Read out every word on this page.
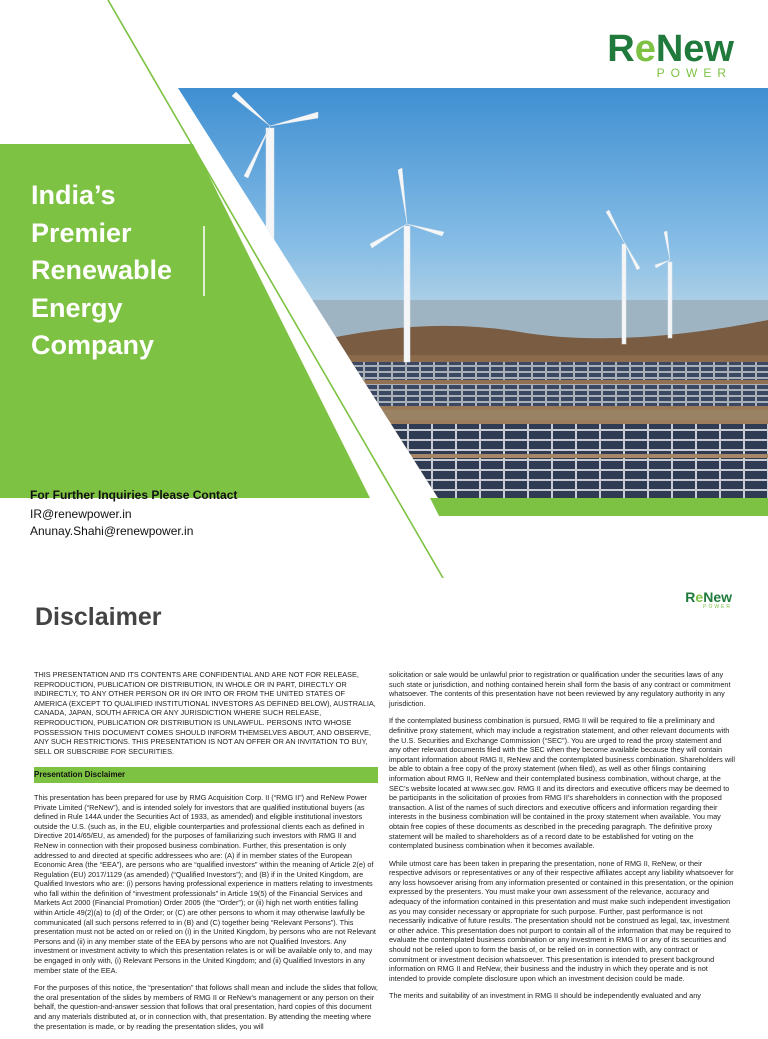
ReNew
POWER
India’s
Premier
Renewable
Energy
Company
For Further Inquiries Please Contact
IR@renewpower.in
Anunay.Shahi@renewpower.in
ReNew
POWER
Disclaimer
THIS PRESENTATION AND ITS CONTENTS ARE CONFIDENTIAL AND ARE NOT FOR RELEASE, REPRODUCTION, PUBLICATION OR DISTRIBUTION, IN WHOLE OR IN PART, DIRECTLY OR INDIRECTLY, TO ANY OTHER PERSON OR IN OR INTO OR FROM THE UNITED STATES OF AMERICA (EXCEPT TO QUALIFIED INSTITUTIONAL INVESTORS AS DEFINED BELOW), AUSTRALIA, CANADA, JAPAN, SOUTH AFRICA OR ANY JURISDICTION WHERE SUCH RELEASE, REPRODUCTION, PUBLICATION OR DISTRIBUTION IS UNLAWFUL. PERSONS INTO WHOSE POSSESSION THIS DOCUMENT COMES SHOULD INFORM THEMSELVES ABOUT, AND OBSERVE, ANY SUCH RESTRICTIONS. THIS PRESENTATION IS NOT AN OFFER OR AN INVITATION TO BUY, SELL OR SUBSCRIBE FOR SECURITIES.
Presentation Disclaimer
This presentation has been prepared for use by RMG Acquisition Corp. II (“RMG II”) and ReNew Power Private Limited (“ReNew”), and is intended solely for investors that are qualified institutional buyers (as defined in Rule 144A under the Securities Act of 1933, as amended) and eligible institutional investors outside the U.S. (such as, in the EU, eligible counterparties and professional clients each as defined in Directive 2014/65/EU, as amended) for the purposes of familiarizing such investors with RMG II and ReNew in connection with their proposed business combination. Further, this presentation is only addressed to and directed at specific addressees who are: (A) if in member states of the European Economic Area (the “EEA”), are persons who are “qualified investors” within the meaning of Article 2(e) of Regulation (EU) 2017/1129 (as amended) (“Qualified Investors”); and (B) if in the United Kingdom, are Qualified Investors who are: (i) persons having professional experience in matters relating to investments who fall within the definition of “investment professionals” in Article 19(5) of the Financial Services and Markets Act 2000 (Financial Promotion) Order 2005 (the “Order”); or (ii) high net worth entities falling within Article 49(2)(a) to (d) of the Order; or (C) are other persons to whom it may otherwise lawfully be communicated (all such persons referred to in (B) and (C) together being “Relevant Persons”). This presentation must not be acted on or relied on (i) in the United Kingdom, by persons who are not Relevant Persons and (ii) in any member state of the EEA by persons who are not Qualified Investors. Any investment or investment activity to which this presentation relates is or will be available only to, and may be engaged in only with, (i) Relevant Persons in the United Kingdom; and (ii) Qualified Investors in any member state of the EEA.
For the purposes of this notice, the “presentation” that follows shall mean and include the slides that follow, the oral presentation of the slides by members of RMG II or ReNew’s management or any person on their behalf, the question-and-answer session that follows that oral presentation, hard copies of this document and any materials distributed at, or in connection with, that presentation. By attending the meeting where the presentation is made, or by reading the presentation slides, you will
solicitation or sale would be unlawful prior to registration or qualification under the securities laws of any such state or jurisdiction, and nothing contained herein shall form the basis of any contract or commitment whatsoever. The contents of this presentation have not been reviewed by any regulatory authority in any jurisdiction.
If the contemplated business combination is pursued, RMG II will be required to file a preliminary and definitive proxy statement, which may include a registration statement, and other relevant documents with the U.S. Securities and Exchange Commission (“SEC”). You are urged to read the proxy statement and any other relevant documents filed with the SEC when they become available because they will contain important information about RMG II, ReNew and the contemplated business combination. Shareholders will be able to obtain a free copy of the proxy statement (when filed), as well as other filings containing information about RMG II, ReNew and their contemplated business combination, without charge, at the SEC’s website located at www.sec.gov. RMG II and its directors and executive officers may be deemed to be participants in the solicitation of proxies from RMG II’s shareholders in connection with the proposed transaction. A list of the names of such directors and executive officers and information regarding their interests in the business combination will be contained in the proxy statement when available. You may obtain free copies of these documents as described in the preceding paragraph. The definitive proxy statement will be mailed to shareholders as of a record date to be established for voting on the contemplated business combination when it becomes available.
While utmost care has been taken in preparing the presentation, none of RMG II, ReNew, or their respective advisors or representatives or any of their respective affiliates accept any liability whatsoever for any loss howsoever arising from any information presented or contained in this presentation, or the opinion expressed by the presenters. You must make your own assessment of the relevance, accuracy and adequacy of the information contained in this presentation and must make such independent investigation as you may consider necessary or appropriate for such purpose. Further, past performance is not necessarily indicative of future results. The presentation should not be construed as legal, tax, investment or other advice. This presentation does not purport to contain all of the information that may be required to evaluate the contemplated business combination or any investment in RMG II or any of its securities and should not be relied upon to form the basis of, or be relied on in connection with, any contract or commitment or investment decision whatsoever. This presentation is intended to present background information on RMG II and ReNew, their business and the industry in which they operate and is not intended to provide complete disclosure upon which an investment decision could be made.
The merits and suitability of an investment in RMG II should be independently evaluated and any
